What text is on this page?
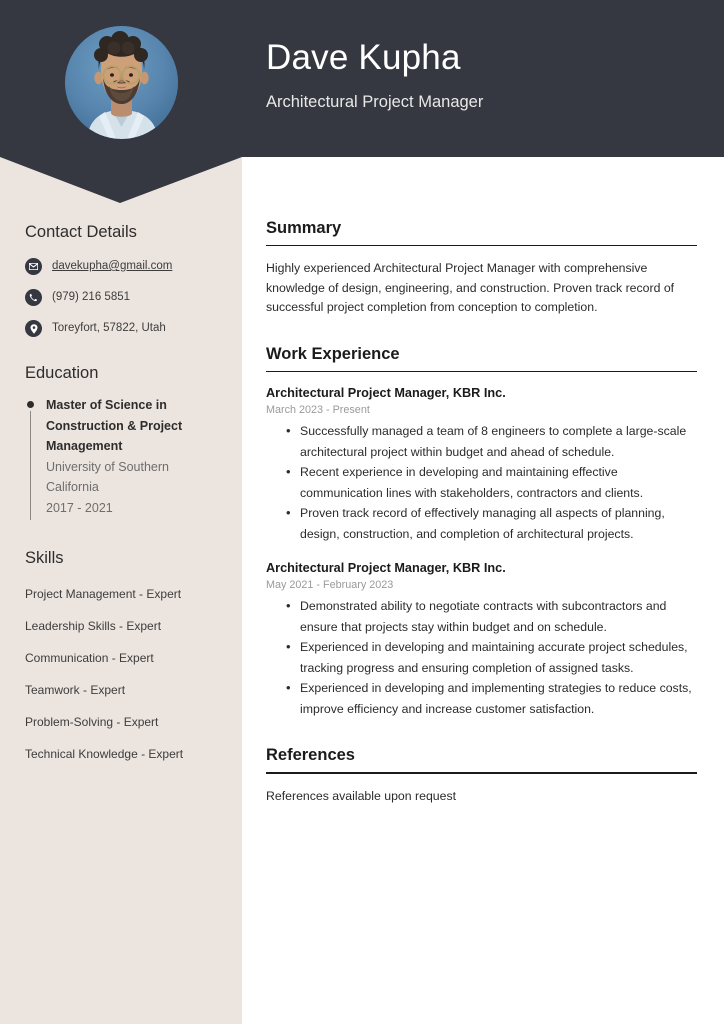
Dave Kupha
Architectural Project Manager
Contact Details
davekupha@gmail.com
(979) 216 5851
Toreyfort, 57822, Utah
Education
Master of Science in Construction & Project Management
University of Southern California
2017 - 2021
Skills
Project Management - Expert
Leadership Skills - Expert
Communication - Expert
Teamwork - Expert
Problem-Solving - Expert
Technical Knowledge - Expert
Summary
Highly experienced Architectural Project Manager with comprehensive knowledge of design, engineering, and construction. Proven track record of successful project completion from conception to completion.
Work Experience
Architectural Project Manager, KBR Inc.
March 2023 - Present
• Successfully managed a team of 8 engineers to complete a large-scale architectural project within budget and ahead of schedule.
• Recent experience in developing and maintaining effective communication lines with stakeholders, contractors and clients.
• Proven track record of effectively managing all aspects of planning, design, construction, and completion of architectural projects.
Architectural Project Manager, KBR Inc.
May 2021 - February 2023
• Demonstrated ability to negotiate contracts with subcontractors and ensure that projects stay within budget and on schedule.
• Experienced in developing and maintaining accurate project schedules, tracking progress and ensuring completion of assigned tasks.
• Experienced in developing and implementing strategies to reduce costs, improve efficiency and increase customer satisfaction.
References
References available upon request
